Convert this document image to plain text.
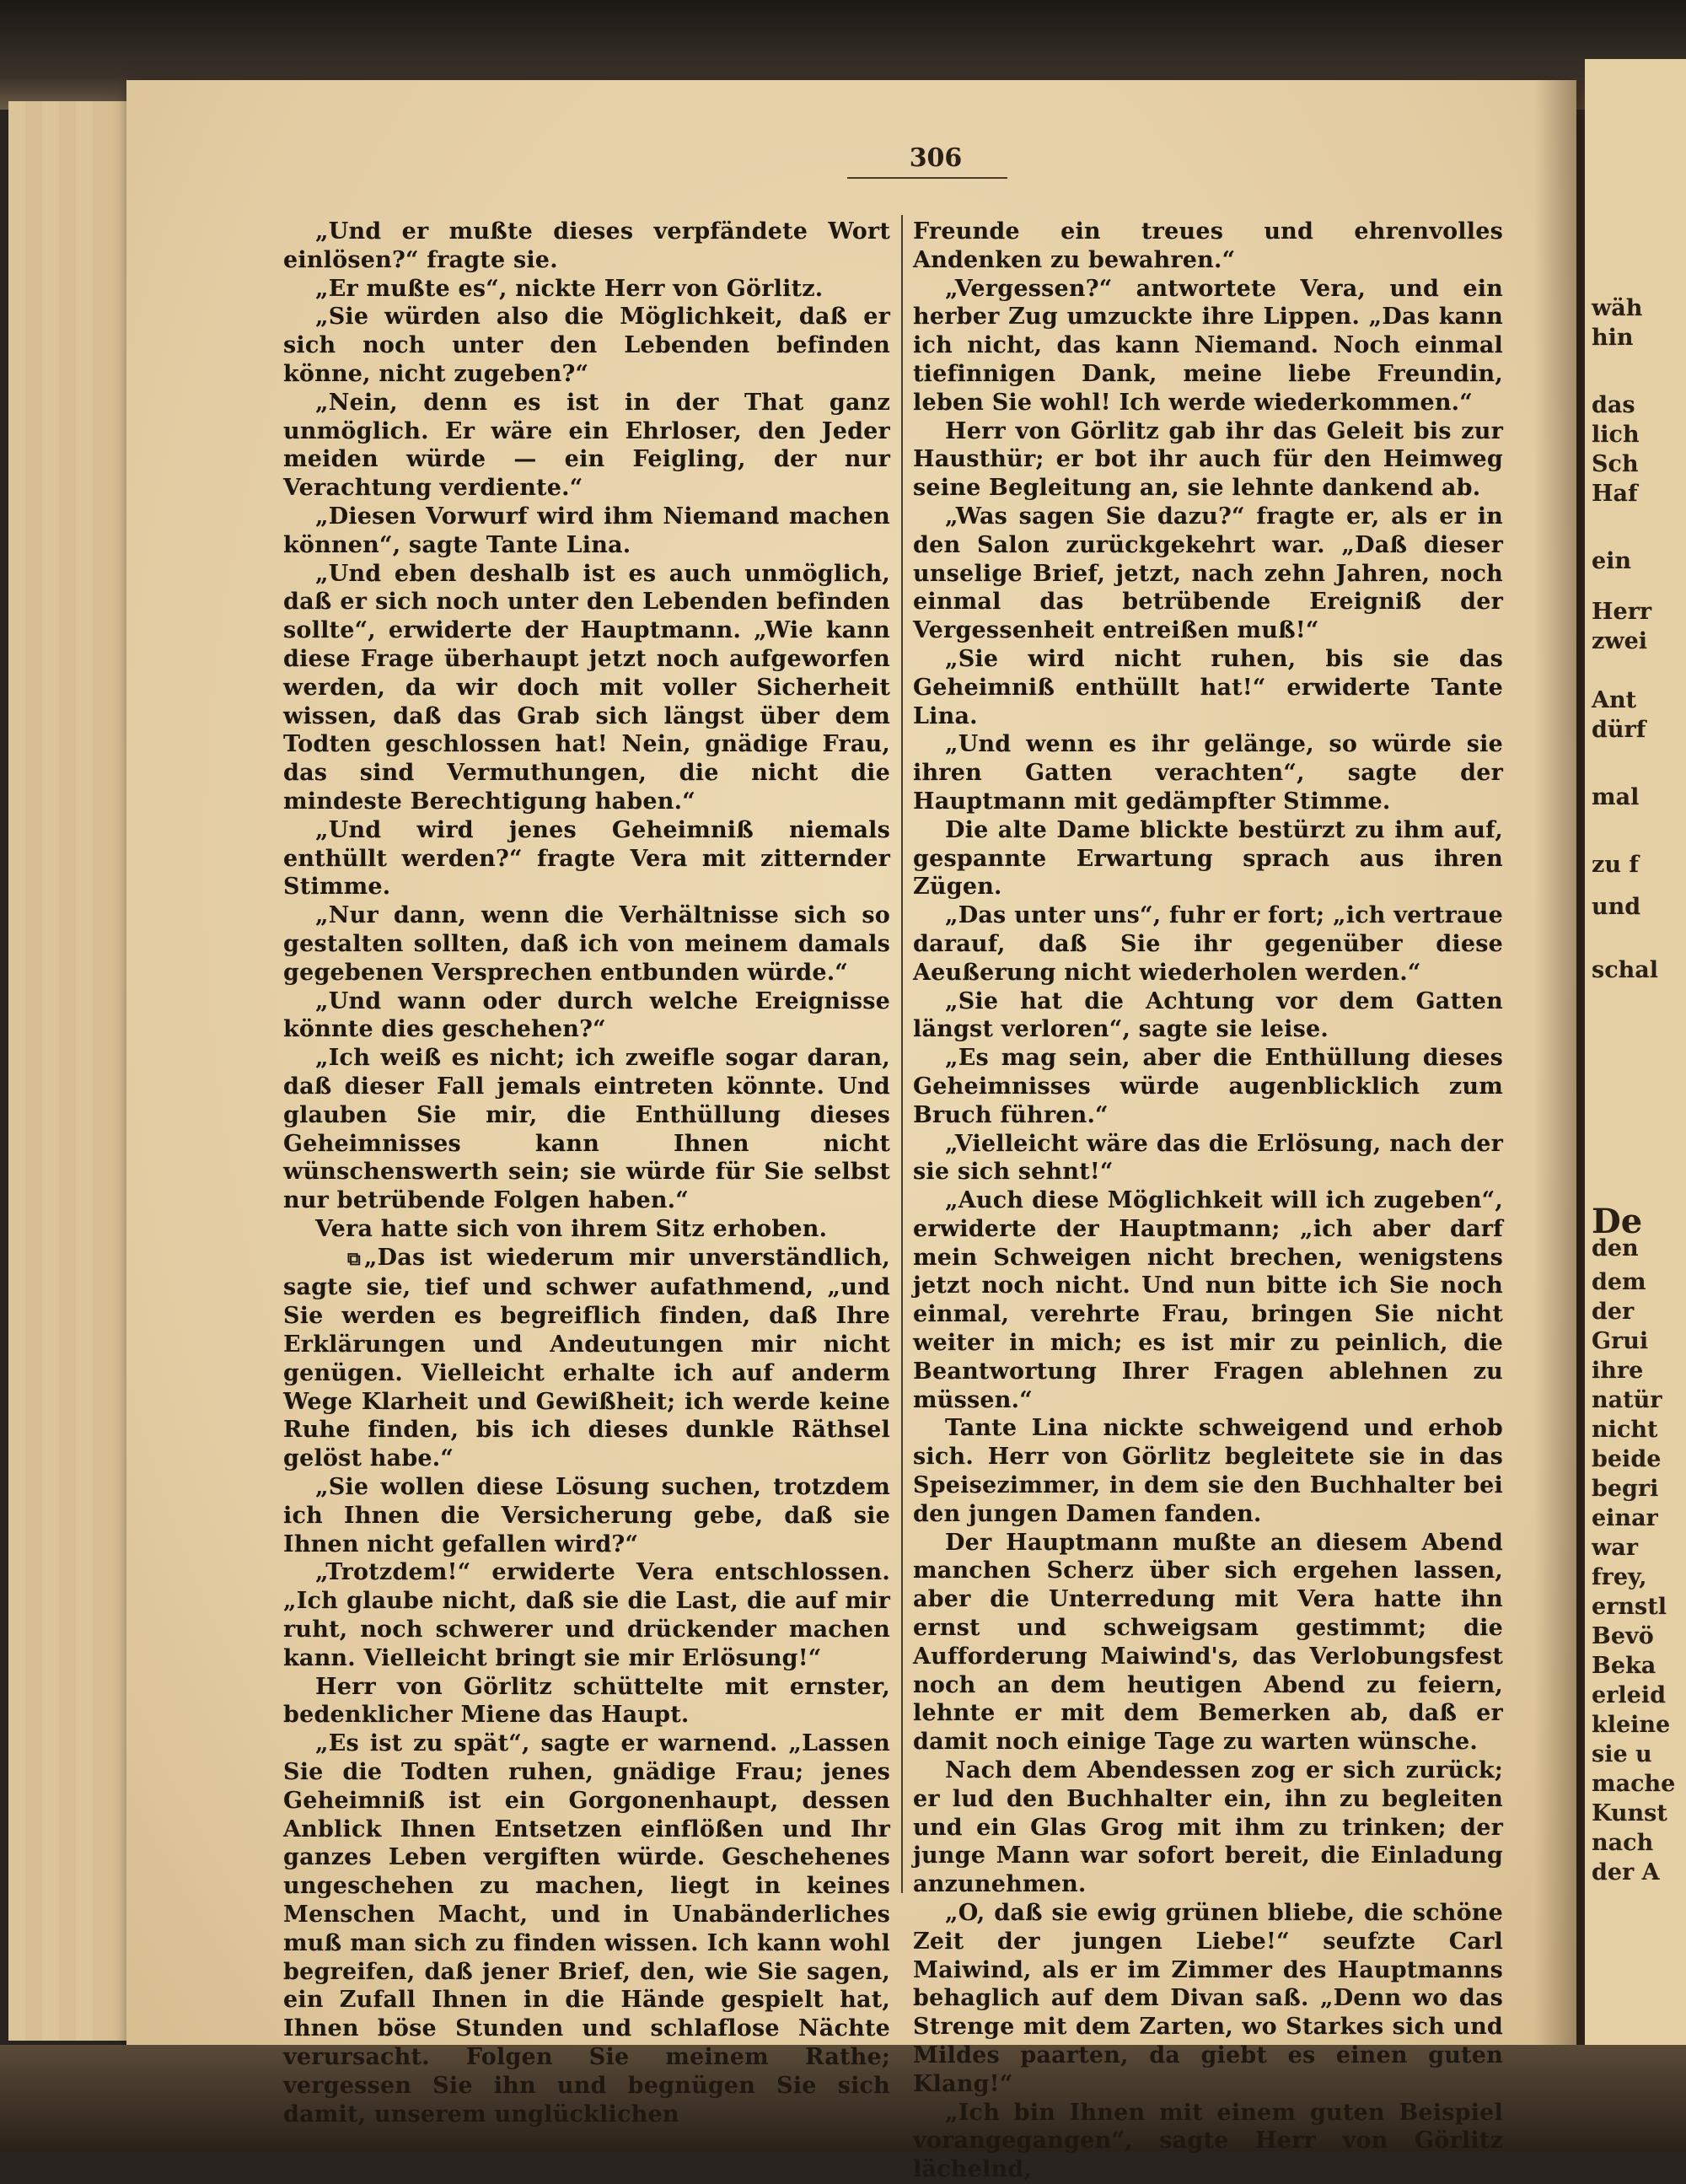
wäh
hin
das
lich
Sch
Haf
ein
Herr
zwei
Ant
dürf
mal
zu f
und
schal
De
den
dem
der
Grui
ihre
natür
nicht
beide
begri
einar
war
frey,
ernstl
Bevö
Beka
erleid
kleine
sie u
mache
Kunst
nach
der A
306

„Und er mußte dieses verpfändete Wort einlösen?“ fragte sie.

„Er mußte es“, nickte Herr von Görlitz.

„Sie würden also die Möglichkeit, daß er sich noch unter den Lebenden befinden könne, nicht zugeben?“

„Nein, denn es ist in der That ganz unmöglich. Er wäre ein Ehrloser, den Jeder meiden würde — ein Feigling, der nur Verachtung verdiente.“

„Diesen Vorwurf wird ihm Niemand machen können“, sagte Tante Lina.

„Und eben deshalb ist es auch unmöglich, daß er sich noch unter den Lebenden befinden sollte“, erwiderte der Hauptmann. „Wie kann diese Frage überhaupt jetzt noch aufgeworfen werden, da wir doch mit voller Sicherheit wissen, daß das Grab sich längst über dem Todten geschlossen hat! Nein, gnädige Frau, das sind Vermuthungen, die nicht die mindeste Berechtigung haben.“

„Und wird jenes Geheimniß niemals enthüllt werden?“ fragte Vera mit zitternder Stimme.

„Nur dann, wenn die Verhältnisse sich so gestalten sollten, daß ich von meinem damals gegebenen Versprechen entbunden würde.“

„Und wann oder durch welche Ereignisse könnte dies geschehen?“

„Ich weiß es nicht; ich zweifle sogar daran, daß dieser Fall jemals eintreten könnte. Und glauben Sie mir, die Enthüllung dieses Geheimnisses kann Ihnen nicht wünschenswerth sein; sie würde für Sie selbst nur betrübende Folgen haben.“

Vera hatte sich von ihrem Sitz erhoben.

⧉ „Das ist wiederum mir unverständlich, sagte sie, tief und schwer aufathmend, „und Sie werden es begreiflich finden, daß Ihre Erklärungen und Andeutungen mir nicht genügen. Vielleicht erhalte ich auf anderm Wege Klarheit und Gewißheit; ich werde keine Ruhe finden, bis ich dieses dunkle Räthsel gelöst habe.“

„Sie wollen diese Lösung suchen, trotzdem ich Ihnen die Versicherung gebe, daß sie Ihnen nicht gefallen wird?“

„Trotzdem!“ erwiderte Vera entschlossen. „Ich glaube nicht, daß sie die Last, die auf mir ruht, noch schwerer und drückender machen kann. Vielleicht bringt sie mir Erlösung!“

Herr von Görlitz schüttelte mit ernster, bedenklicher Miene das Haupt.

„Es ist zu spät“, sagte er warnend. „Lassen Sie die Todten ruhen, gnädige Frau; jenes Geheimniß ist ein Gorgonenhaupt, dessen Anblick Ihnen Entsetzen einflößen und Ihr ganzes Leben vergiften würde. Geschehenes ungeschehen zu machen, liegt in keines Menschen Macht, und in Unabänderliches muß man sich zu finden wissen. Ich kann wohl begreifen, daß jener Brief, den, wie Sie sagen, ein Zufall Ihnen in die Hände gespielt hat, Ihnen böse Stunden und schlaflose Nächte verursacht. Folgen Sie meinem Rathe; vergessen Sie ihn und begnügen Sie sich damit, unserem unglücklichen

Freunde ein treues und ehrenvolles Andenken zu bewahren.“

„Vergessen?“ antwortete Vera, und ein herber Zug umzuckte ihre Lippen. „Das kann ich nicht, das kann Niemand. Noch einmal tiefinnigen Dank, meine liebe Freundin, leben Sie wohl! Ich werde wiederkommen.“

Herr von Görlitz gab ihr das Geleit bis zur Hausthür; er bot ihr auch für den Heimweg seine Begleitung an, sie lehnte dankend ab.

„Was sagen Sie dazu?“ fragte er, als er in den Salon zurückgekehrt war. „Daß dieser unselige Brief, jetzt, nach zehn Jahren, noch einmal das betrübende Ereigniß der Vergessenheit entreißen muß!“

„Sie wird nicht ruhen, bis sie das Geheimniß enthüllt hat!“ erwiderte Tante Lina.

„Und wenn es ihr gelänge, so würde sie ihren Gatten verachten“, sagte der Hauptmann mit gedämpfter Stimme.

Die alte Dame blickte bestürzt zu ihm auf, gespannte Erwartung sprach aus ihren Zügen.

„Das unter uns“, fuhr er fort; „ich vertraue darauf, daß Sie ihr gegenüber diese Aeußerung nicht wiederholen werden.“

„Sie hat die Achtung vor dem Gatten längst verloren“, sagte sie leise.

„Es mag sein, aber die Enthüllung dieses Geheimnisses würde augenblicklich zum Bruch führen.“

„Vielleicht wäre das die Erlösung, nach der sie sich sehnt!“

„Auch diese Möglichkeit will ich zugeben“, erwiderte der Hauptmann; „ich aber darf mein Schweigen nicht brechen, wenigstens jetzt noch nicht. Und nun bitte ich Sie noch einmal, verehrte Frau, bringen Sie nicht weiter in mich; es ist mir zu peinlich, die Beantwortung Ihrer Fragen ablehnen zu müssen.“

Tante Lina nickte schweigend und erhob sich. Herr von Görlitz begleitete sie in das Speisezimmer, in dem sie den Buchhalter bei den jungen Damen fanden.

Der Hauptmann mußte an diesem Abend manchen Scherz über sich ergehen lassen, aber die Unterredung mit Vera hatte ihn ernst und schweigsam gestimmt; die Aufforderung Maiwind's, das Verlobungsfest noch an dem heutigen Abend zu feiern, lehnte er mit dem Bemerken ab, daß er damit noch einige Tage zu warten wünsche.

Nach dem Abendessen zog er sich zurück; er lud den Buchhalter ein, ihn zu begleiten und ein Glas Grog mit ihm zu trinken; der junge Mann war sofort bereit, die Einladung anzunehmen.

„O, daß sie ewig grünen bliebe, die schöne Zeit der jungen Liebe!“ seufzte Carl Maiwind, als er im Zimmer des Hauptmanns behaglich auf dem Divan saß. „Denn wo das Strenge mit dem Zarten, wo Starkes sich und Mildes paarten, da giebt es einen guten Klang!“

„Ich bin Ihnen mit einem guten Beispiel vorangegangen“, sagte Herr von Görlitz lächelnd,
